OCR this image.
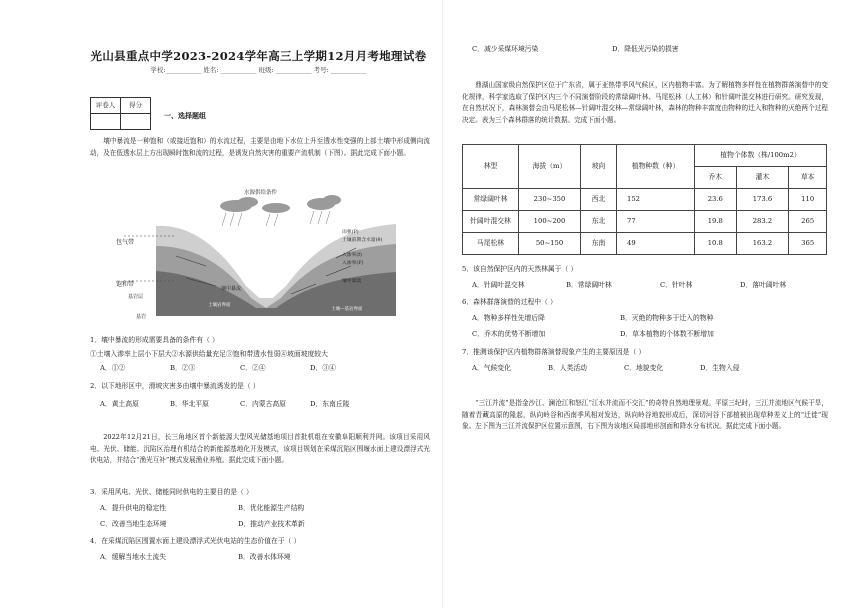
光山县重点中学2023-2024学年高三上学期12月月考地理试卷
学校:___________ 姓名: ___________ 班级: ___________ 考号: ___________
评卷人	得分

一、选择题组
壤中暴流是一种饱和（或接近饱和）的水流过程，主要是由地下水位上升至透水性变强的上部土壤中形成侧向流动，及在低透水层上方出现瞬时饱和流的过程，是诱发自然灾害的重要产流机制（下图）。据此完成下面小题。
水源供给条件
包气带
饱和带
基岩层
基岩
雨强(P)
土壤前期含水量(θ)
入渗率(f)
入渗率(F)
壤中暴流
壤中暴流
土壤岩界面
坡面—河道水文连通
土壤—基岩界面
1．壤中暴流的形成需要具备的条件有（ ）
①土壤入渗率上层小下层大②水源供给量充足③饱和带透水性弱④坡面坡度较大
A．①②	B．②③	C．②④	D．③④
2．以下地形区中，滑坡灾害多由壤中暴流诱发的是（ ）
A．黄土高原	B．华北平原	C．内蒙古高原	D．东南丘陵
2022年12月21日，长三角地区首个新能源大型风光储基地项目首批机组在安徽阜阳顺利并网。该项目采用风电、光伏、储能、沉陷区治理有机结合的新能源基地化开发模式，该项目规划在采煤沉陷区围堰水面上建设漂浮式光伏电站，并结合“渔光互补”模式发展渔业养殖。据此完成下面小题。
3．采用风电、光伏、储能同时供电的主要目的是（ ）
A．提升供电的稳定性	B．优化能源生产结构
C．改善当地生态环境	D．推动产业技术革新
4．在采煤沉陷区围置水面上建设漂浮式光伏电站的生态价值在于（ ）
A．缓解当地水土流失	B．改善水体环境
C．减少采煤环境污染	D．降低光污染的损害
鼎湖山国家级自然保护区位于广东省，属于亚热带季风气候区，区内植物丰富。为了解植物多样性在植物群落演替中的变化规律，科学家选取了保护区内三个不同演替阶段的常绿阔叶林、马尾松林（人工林）和针阔叶混交林进行研究。研究发现，在自然状况下，森林演替会由马尾松林—针阔叶混交林—常绿阔叶林，森林的物种丰富度由物种的迁入和物种的灭绝两个过程决定。表为三个森林群落的统计数据。完成下面小题。
林型	海拔（m）	坡向	植物种数（种）	植物个体数（株/100m2）		
				乔木	灌木	草本
常绿阔叶林	230~350	西北	152	23.6	173.6	110
针阔叶混交林	100~200	东北	77	19.8	283.2	265
马尾松林	50~150	东南	49	10.8	163.2	365
5．该自然保护区内的天然林属于（ ）
A．针阔叶混交林	B．常绿阔叶林	C．针叶林	D．落叶阔叶林
6．森林群落演替的过程中（ ）
A．物种多样性先增后降	B．灭绝的物种多于迁入的物种
C．乔木的优势不断增加	D．草本植物的个体数不断增加
7．推测该保护区内植物群落演替现象产生的主要原因是（ ）
A．气候变化	B．人类活动	C．地貌变化	D．生物入侵
“三江并流”是指金沙江、澜沧江和怒江“江水并流而不交汇”的奇特自然地理景观。平原三纪时，三江并流地区气候干旱，随着青藏高原的隆起，纵向岭谷和西南季风相对发达，纵向岭谷地貌形成后，深切河谷下部植被出现草种差义上的“迁徙”现象。左下图为三江并流保护区位置示意图，右下图为该地区局部地形剖面和降水分布状况。据此完成下面小题。
